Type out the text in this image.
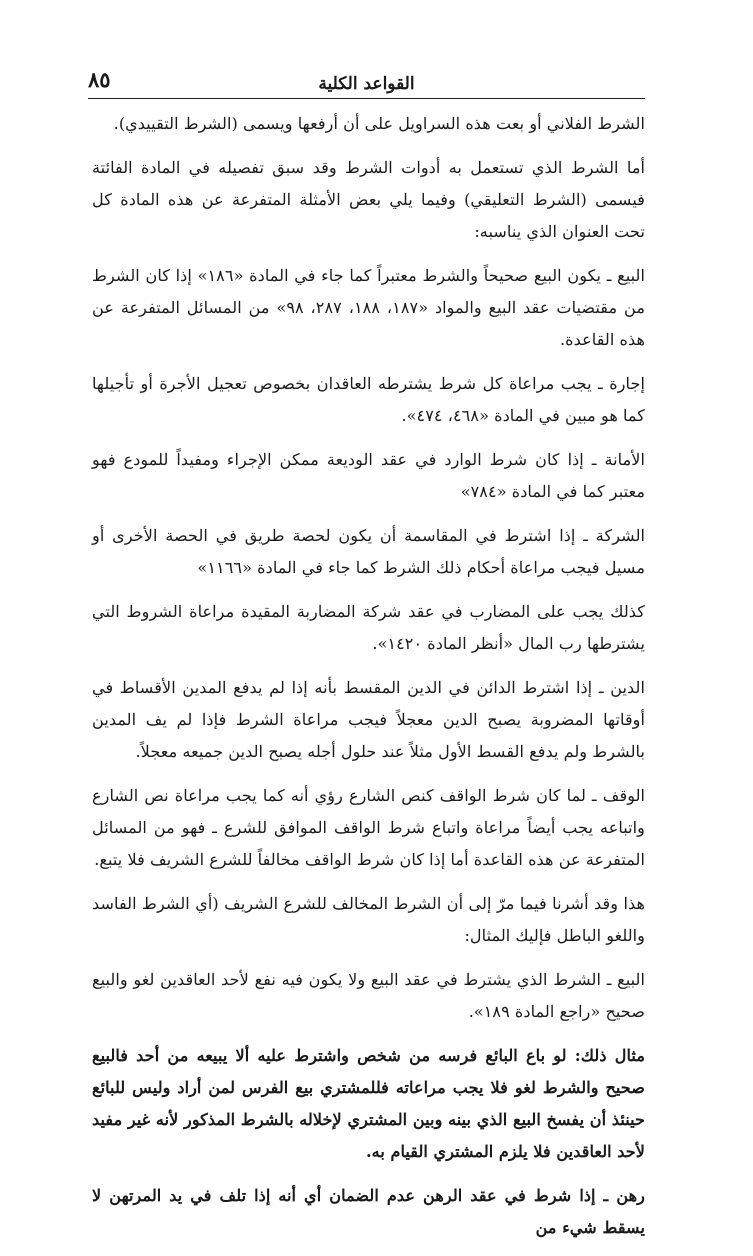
٨٥	القواعد الكلية

الشرط الفلاني أو بعت هذه السراويل على أن أرفعها ويسمى (الشرط التقييدي).

أما الشرط الذي تستعمل به أدوات الشرط وقد سبق تفصيله في المادة الفائتة فيسمى (الشرط التعليقي) وفيما يلي بعض الأمثلة المتفرعة عن هذه المادة كل تحت العنوان الذي يناسبه:

البيع ـ يكون البيع صحيحاً والشرط معتبراً كما جاء في المادة «١٨٦» إذا كان الشرط من مقتضيات عقد البيع والمواد «١٨٧، ١٨٨، ٢٨٧، ٩٨» من المسائل المتفرعة عن هذه القاعدة.

إجارة ـ يجب مراعاة كل شرط يشترطه العاقدان بخصوص تعجيل الأجرة أو تأجيلها كما هو مبين في المادة «٤٦٨، ٤٧٤».

الأمانة ـ إذا كان شرط الوارد في عقد الوديعة ممكن الإجراء ومفيداً للمودع فهو معتبر كما في المادة «٧٨٤»

الشركة ـ إذا اشترط في المقاسمة أن يكون لحصة طريق في الحصة الأخرى أو مسيل فيجب مراعاة أحكام ذلك الشرط كما جاء في المادة «١١٦٦»

كذلك يجب على المضارب في عقد شركة المضاربة المقيدة مراعاة الشروط التي يشترطها رب المال «أنظر المادة ١٤٢٠».

الدين ـ إذا اشترط الدائن في الدين المقسط بأنه إذا لم يدفع المدين الأقساط في أوقاتها المضروبة يصبح الدين معجلاً فيجب مراعاة الشرط فإذا لم يف المدين بالشرط ولم يدفع القسط الأول مثلاً عند حلول أجله يصبح الدين جميعه معجلاً.

الوقف ـ لما كان شرط الواقف كنص الشارع رؤي أنه كما يجب مراعاة نص الشارع واتباعه يجب أيضاً مراعاة واتباع شرط الواقف الموافق للشرع ـ فهو من المسائل المتفرعة عن هذه القاعدة أما إذا كان شرط الواقف مخالفاً للشرع الشريف فلا يتبع.

هذا وقد أشرنا فيما مرّ إلى أن الشرط المخالف للشرع الشريف (أي الشرط الفاسد واللغو الباطل فإليك المثال:

البيع ـ الشرط الذي يشترط في عقد البيع ولا يكون فيه نفع لأحد العاقدين لغو والبيع صحيح «راجع المادة ١٨٩».

مثال ذلك: لو باع البائع فرسه من شخص واشترط عليه ألا يبيعه من أحد فالبيع صحيح والشرط لغو فلا يجب مراعاته فللمشتري بيع الفرس لمن أراد وليس للبائع حينئذ أن يفسخ البيع الذي بينه وبين المشتري لإخلاله بالشرط المذكور لأنه غير مفيد لأحد العاقدين فلا يلزم المشتري القيام به.

رهن ـ إذا شرط في عقد الرهن عدم الضمان أي أنه إذا تلف في يد المرتهن لا يسقط شيء من
